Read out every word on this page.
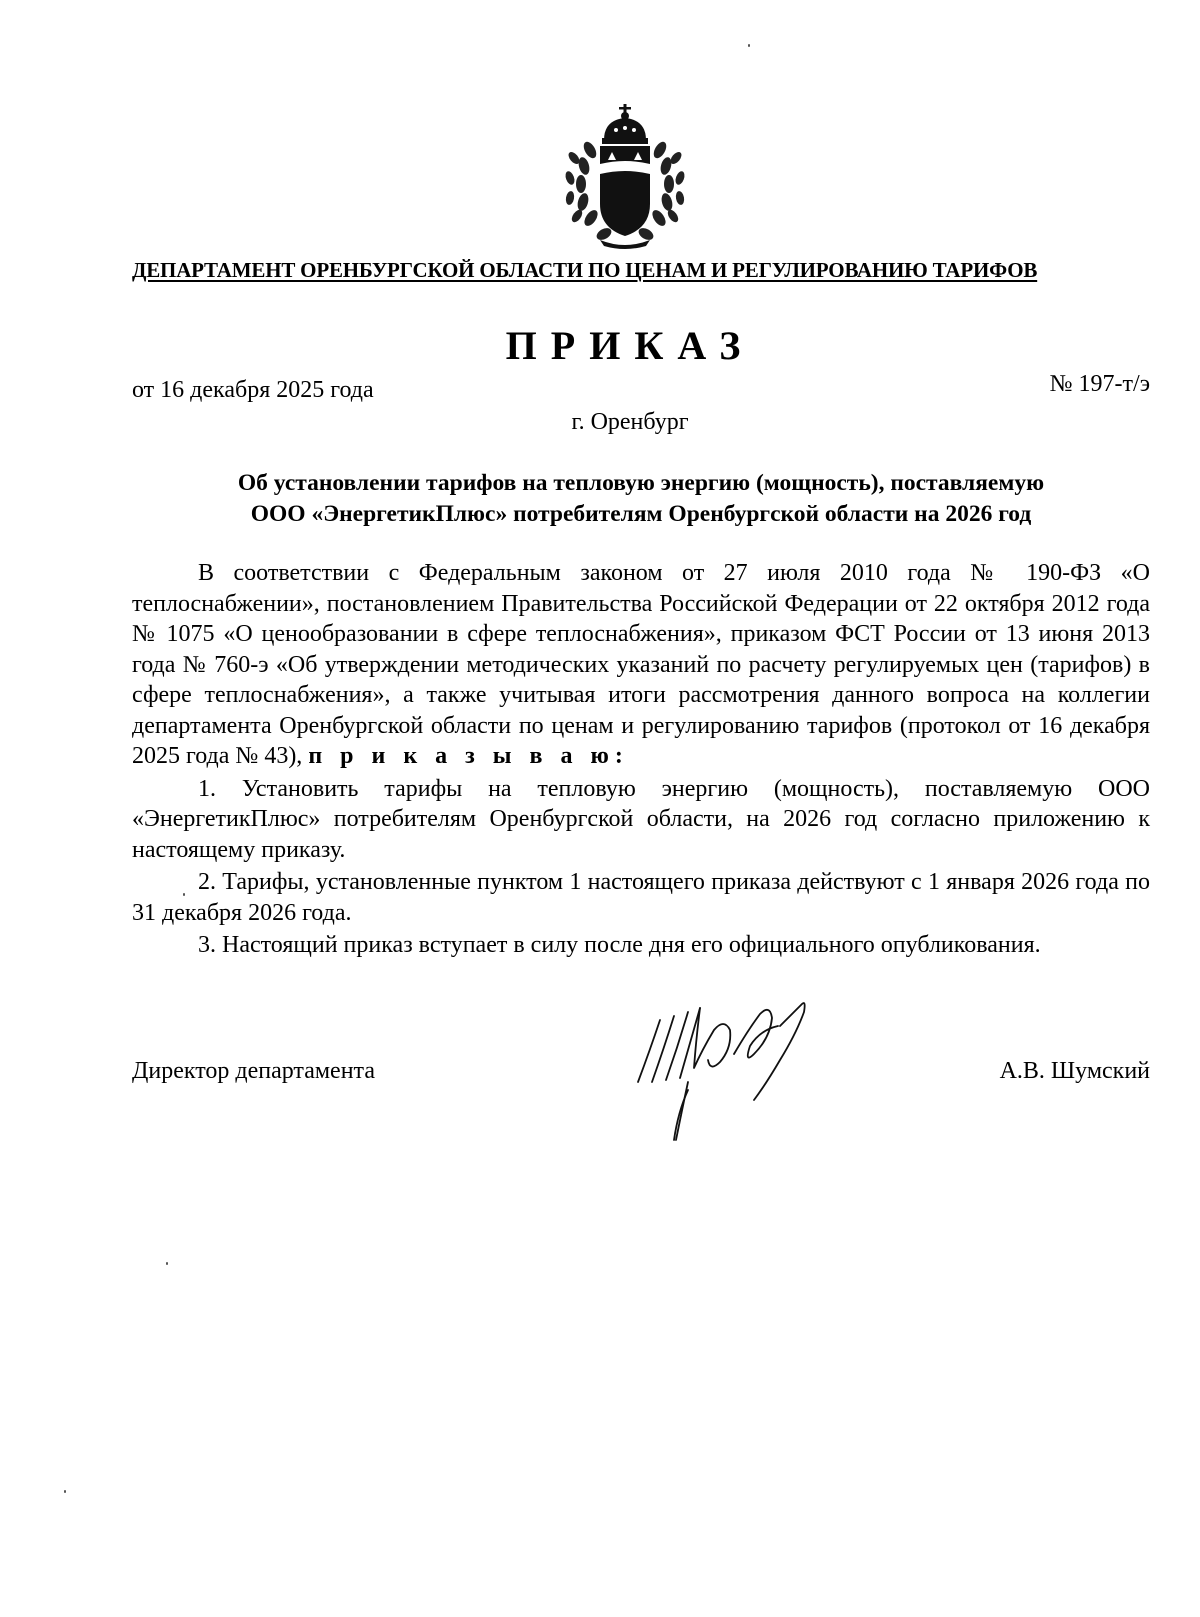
ДЕПАРТАМЕНТ ОРЕНБУРГСКОЙ ОБЛАСТИ ПО ЦЕНАМ И РЕГУЛИРОВАНИЮ ТАРИФОВ
ПРИКАЗ
от 16 декабря 2025 года	№ 197-т/э
г. Оренбург
Об установлении тарифов на тепловую энергию (мощность), поставляемую
ООО «ЭнергетикПлюс» потребителям Оренбургской области на 2026 год

В соответствии с Федеральным законом от 27 июля 2010 года № 190-ФЗ «О теплоснабжении», постановлением Правительства Российской Федерации от 22 октября 2012 года № 1075 «О ценообразовании в сфере теплоснабжения», приказом ФСТ России от 13 июня 2013 года № 760-э «Об утверждении методических указаний по расчету регулируемых цен (тарифов) в сфере теплоснабжения», а также учитывая итоги рассмотрения данного вопроса на коллегии департамента Оренбургской области по ценам и регулированию тарифов (протокол от 16 декабря 2025 года № 43), п р и к а з ы в а ю:

1. Установить тарифы на тепловую энергию (мощность), поставляемую ООО «ЭнергетикПлюс» потребителям Оренбургской области, на 2026 год согласно приложению к настоящему приказу.

2. Тарифы, установленные пунктом 1 настоящего приказа действуют с 1 января 2026 года по 31 декабря 2026 года.

3. Настоящий приказ вступает в силу после дня его официального опубликования.

Директор департамента	А.В. Шумский
